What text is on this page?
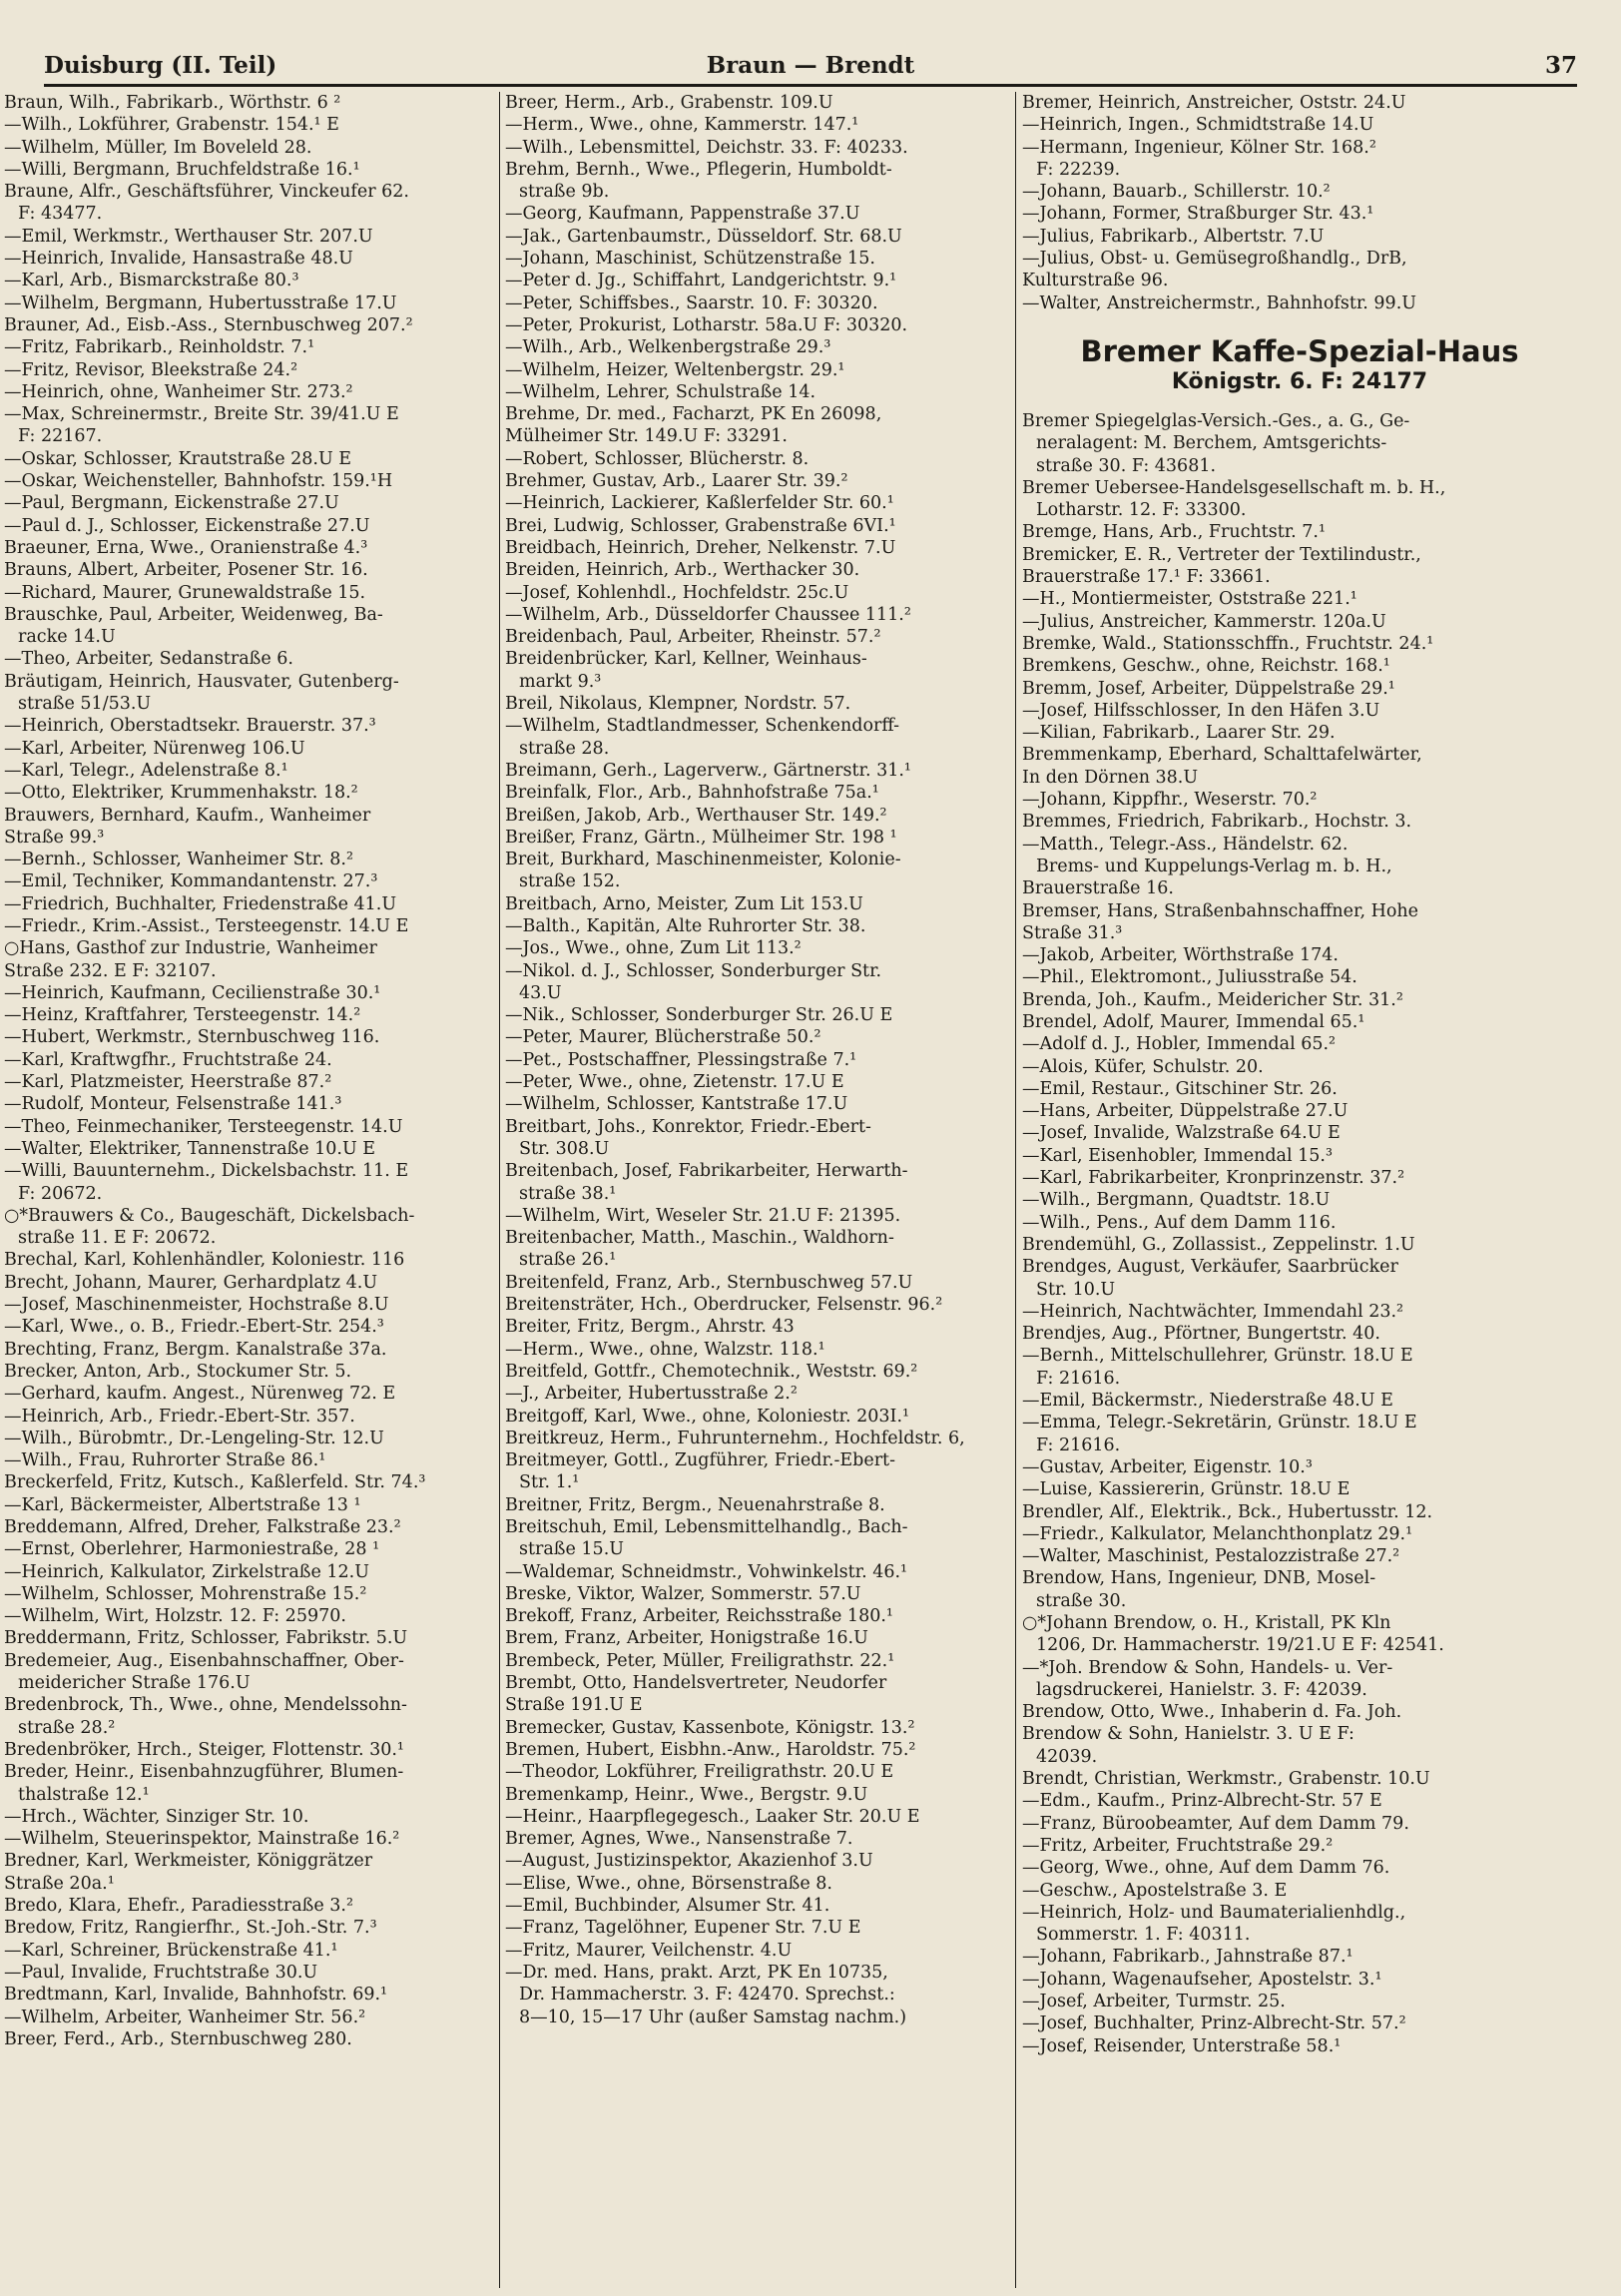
Duisburg (II. Teil)	Braun — Brendt	37

Braun, Wilh., Fabrikarb., Wörthstr. 6 ²

—Wilh., Lokführer, Grabenstr. 154.¹ E

—Wilhelm, Müller, Im Boveleld 28.

—Willi, Bergmann, Bruchfeldstraße 16.¹

Braune, Alfr., Geschäftsführer, Vinckeufer 62.

F: 43477.

—Emil, Werkmstr., Werthauser Str. 207.U

—Heinrich, Invalide, Hansastraße 48.U

—Karl, Arb., Bismarckstraße 80.³

—Wilhelm, Bergmann, Hubertusstraße 17.U

Brauner, Ad., Eisb.-Ass., Sternbuschweg 207.²

—Fritz, Fabrikarb., Reinholdstr. 7.¹

—Fritz, Revisor, Bleekstraße 24.²

—Heinrich, ohne, Wanheimer Str. 273.²

—Max, Schreinermstr., Breite Str. 39/41.U E

F: 22167.

—Oskar, Schlosser, Krautstraße 28.U E

—Oskar, Weichensteller, Bahnhofstr. 159.¹H

—Paul, Bergmann, Eickenstraße 27.U

—Paul d. J., Schlosser, Eickenstraße 27.U

Braeuner, Erna, Wwe., Oranienstraße 4.³

Brauns, Albert, Arbeiter, Posener Str. 16.

—Richard, Maurer, Grunewaldstraße 15.

Brauschke, Paul, Arbeiter, Weidenweg, Ba-

racke 14.U

—Theo, Arbeiter, Sedanstraße 6.

Bräutigam, Heinrich, Hausvater, Gutenberg-

straße 51/53.U

—Heinrich, Oberstadtsekr. Brauerstr. 37.³

—Karl, Arbeiter, Nürenweg 106.U

—Karl, Telegr., Adelenstraße 8.¹

—Otto, Elektriker, Krummenhakstr. 18.²

Brauwers, Bernhard, Kaufm., Wanheimer

Straße 99.³

—Bernh., Schlosser, Wanheimer Str. 8.²

—Emil, Techniker, Kommandantenstr. 27.³

—Friedrich, Buchhalter, Friedenstraße 41.U

—Friedr., Krim.-Assist., Tersteegenstr. 14.U E

○Hans, Gasthof zur Industrie, Wanheimer

Straße 232. E F: 32107.

—Heinrich, Kaufmann, Cecilienstraße 30.¹

—Heinz, Kraftfahrer, Tersteegenstr. 14.²

—Hubert, Werkmstr., Sternbuschweg 116.

—Karl, Kraftwgfhr., Fruchtstraße 24.

—Karl, Platzmeister, Heerstraße 87.²

—Rudolf, Monteur, Felsenstraße 141.³

—Theo, Feinmechaniker, Tersteegenstr. 14.U

—Walter, Elektriker, Tannenstraße 10.U E

—Willi, Bauunternehm., Dickelsbachstr. 11. E

F: 20672.

○*Brauwers & Co., Baugeschäft, Dickelsbach-

straße 11. E F: 20672.

Brechal, Karl, Kohlenhändler, Koloniestr. 116

Brecht, Johann, Maurer, Gerhardplatz 4.U

—Josef, Maschinenmeister, Hochstraße 8.U

—Karl, Wwe., o. B., Friedr.-Ebert-Str. 254.³

Brechting, Franz, Bergm. Kanalstraße 37a.

Brecker, Anton, Arb., Stockumer Str. 5.

—Gerhard, kaufm. Angest., Nürenweg 72. E

—Heinrich, Arb., Friedr.-Ebert-Str. 357.

—Wilh., Bürobmtr., Dr.-Lengeling-Str. 12.U

—Wilh., Frau, Ruhrorter Straße 86.¹

Breckerfeld, Fritz, Kutsch., Kaßlerfeld. Str. 74.³

—Karl, Bäckermeister, Albertstraße 13 ¹

Breddemann, Alfred, Dreher, Falkstraße 23.²

—Ernst, Oberlehrer, Harmoniestraße, 28 ¹

—Heinrich, Kalkulator, Zirkelstraße 12.U

—Wilhelm, Schlosser, Mohrenstraße 15.²

—Wilhelm, Wirt, Holzstr. 12. F: 25970.

Breddermann, Fritz, Schlosser, Fabrikstr. 5.U

Bredemeier, Aug., Eisenbahnschaffner, Ober-

meidericher Straße 176.U

Bredenbrock, Th., Wwe., ohne, Mendelssohn-

straße 28.²

Bredenbröker, Hrch., Steiger, Flottenstr. 30.¹

Breder, Heinr., Eisenbahnzugführer, Blumen-

thalstraße 12.¹

—Hrch., Wächter, Sinziger Str. 10.

—Wilhelm, Steuerinspektor, Mainstraße 16.²

Bredner, Karl, Werkmeister, Königgrätzer

Straße 20a.¹

Bredo, Klara, Ehefr., Paradiesstraße 3.²

Bredow, Fritz, Rangierfhr., St.-Joh.-Str. 7.³

—Karl, Schreiner, Brückenstraße 41.¹

—Paul, Invalide, Fruchtstraße 30.U

Bredtmann, Karl, Invalide, Bahnhofstr. 69.¹

—Wilhelm, Arbeiter, Wanheimer Str. 56.²

Breer, Ferd., Arb., Sternbuschweg 280.

Breer, Herm., Arb., Grabenstr. 109.U

—Herm., Wwe., ohne, Kammerstr. 147.¹

—Wilh., Lebensmittel, Deichstr. 33. F: 40233.

Brehm, Bernh., Wwe., Pflegerin, Humboldt-

straße 9b.

—Georg, Kaufmann, Pappenstraße 37.U

—Jak., Gartenbaumstr., Düsseldorf. Str. 68.U

—Johann, Maschinist, Schützenstraße 15.

—Peter d. Jg., Schiffahrt, Landgerichtstr. 9.¹

—Peter, Schiffsbes., Saarstr. 10. F: 30320.

—Peter, Prokurist, Lotharstr. 58a.U F: 30320.

—Wilh., Arb., Welkenbergstraße 29.³

—Wilhelm, Heizer, Weltenbergstr. 29.¹

—Wilhelm, Lehrer, Schulstraße 14.

Brehme, Dr. med., Facharzt, PK En 26098,

Mülheimer Str. 149.U F: 33291.

—Robert, Schlosser, Blücherstr. 8.

Brehmer, Gustav, Arb., Laarer Str. 39.²

—Heinrich, Lackierer, Kaßlerfelder Str. 60.¹

Brei, Ludwig, Schlosser, Grabenstraße 6VI.¹

Breidbach, Heinrich, Dreher, Nelkenstr. 7.U

Breiden, Heinrich, Arb., Werthacker 30.

—Josef, Kohlenhdl., Hochfeldstr. 25c.U

—Wilhelm, Arb., Düsseldorfer Chaussee 111.²

Breidenbach, Paul, Arbeiter, Rheinstr. 57.²

Breidenbrücker, Karl, Kellner, Weinhaus-

markt 9.³

Breil, Nikolaus, Klempner, Nordstr. 57.

—Wilhelm, Stadtlandmesser, Schenkendorff-

straße 28.

Breimann, Gerh., Lagerverw., Gärtnerstr. 31.¹

Breinfalk, Flor., Arb., Bahnhofstraße 75a.¹

Breißen, Jakob, Arb., Werthauser Str. 149.²

Breißer, Franz, Gärtn., Mülheimer Str. 198 ¹

Breit, Burkhard, Maschinenmeister, Kolonie-

straße 152.

Breitbach, Arno, Meister, Zum Lit 153.U

—Balth., Kapitän, Alte Ruhrorter Str. 38.

—Jos., Wwe., ohne, Zum Lit 113.²

—Nikol. d. J., Schlosser, Sonderburger Str.

43.U

—Nik., Schlosser, Sonderburger Str. 26.U E

—Peter, Maurer, Blücherstraße 50.²

—Pet., Postschaffner, Plessingstraße 7.¹

—Peter, Wwe., ohne, Zietenstr. 17.U E

—Wilhelm, Schlosser, Kantstraße 17.U

Breitbart, Johs., Konrektor, Friedr.-Ebert-

Str. 308.U

Breitenbach, Josef, Fabrikarbeiter, Herwarth-

straße 38.¹

—Wilhelm, Wirt, Weseler Str. 21.U F: 21395.

Breitenbacher, Matth., Maschin., Waldhorn-

straße 26.¹

Breitenfeld, Franz, Arb., Sternbuschweg 57.U

Breitensträter, Hch., Oberdrucker, Felsenstr. 96.²

Breiter, Fritz, Bergm., Ahrstr. 43

—Herm., Wwe., ohne, Walzstr. 118.¹

Breitfeld, Gottfr., Chemotechnik., Weststr. 69.²

—J., Arbeiter, Hubertusstraße 2.²

Breitgoff, Karl, Wwe., ohne, Koloniestr. 203I.¹

Breitkreuz, Herm., Fuhrunternehm., Hochfeldstr. 6,

Breitmeyer, Gottl., Zugführer, Friedr.-Ebert-

Str. 1.¹

Breitner, Fritz, Bergm., Neuenahrstraße 8.

Breitschuh, Emil, Lebensmittelhandlg., Bach-

straße 15.U

—Waldemar, Schneidmstr., Vohwinkelstr. 46.¹

Breske, Viktor, Walzer, Sommerstr. 57.U

Brekoff, Franz, Arbeiter, Reichsstraße 180.¹

Brem, Franz, Arbeiter, Honigstraße 16.U

Brembeck, Peter, Müller, Freiligrathstr. 22.¹

Brembt, Otto, Handelsvertreter, Neudorfer

Straße 191.U E

Bremecker, Gustav, Kassenbote, Königstr. 13.²

Bremen, Hubert, Eisbhn.-Anw., Haroldstr. 75.²

—Theodor, Lokführer, Freiligrathstr. 20.U E

Bremenkamp, Heinr., Wwe., Bergstr. 9.U

—Heinr., Haarpflegegesch., Laaker Str. 20.U E

Bremer, Agnes, Wwe., Nansenstraße 7.

—August, Justizinspektor, Akazienhof 3.U

—Elise, Wwe., ohne, Börsenstraße 8.

—Emil, Buchbinder, Alsumer Str. 41.

—Franz, Tagelöhner, Eupener Str. 7.U E

—Fritz, Maurer, Veilchenstr. 4.U

—Dr. med. Hans, prakt. Arzt, PK En 10735,

Dr. Hammacherstr. 3. F: 42470. Sprechst.:

8—10, 15—17 Uhr (außer Samstag nachm.)

Bremer, Heinrich, Anstreicher, Oststr. 24.U

—Heinrich, Ingen., Schmidtstraße 14.U

—Hermann, Ingenieur, Kölner Str. 168.²

F: 22239.

—Johann, Bauarb., Schillerstr. 10.²

—Johann, Former, Straßburger Str. 43.¹

—Julius, Fabrikarb., Albertstr. 7.U

—Julius, Obst- u. Gemüsegroßhandlg., DrB,

Kulturstraße 96.

—Walter, Anstreichermstr., Bahnhofstr. 99.U

Bremer Kaffe-Spezial-Haus
Königstr. 6. F: 24177

Bremer Spiegelglas-Versich.-Ges., a. G., Ge-

neralagent: M. Berchem, Amtsgerichts-

straße 30. F: 43681.

Bremer Uebersee-Handelsgesellschaft m. b. H.,

Lotharstr. 12. F: 33300.

Bremge, Hans, Arb., Fruchtstr. 7.¹

Bremicker, E. R., Vertreter der Textilindustr.,

Brauerstraße 17.¹ F: 33661.

—H., Montiermeister, Oststraße 221.¹

—Julius, Anstreicher, Kammerstr. 120a.U

Bremke, Wald., Stationsschffn., Fruchtstr. 24.¹

Bremkens, Geschw., ohne, Reichstr. 168.¹

Bremm, Josef, Arbeiter, Düppelstraße 29.¹

—Josef, Hilfsschlosser, In den Häfen 3.U

—Kilian, Fabrikarb., Laarer Str. 29.

Bremmenkamp, Eberhard, Schalttafelwärter,

In den Dörnen 38.U

—Johann, Kippfhr., Weserstr. 70.²

Bremmes, Friedrich, Fabrikarb., Hochstr. 3.

—Matth., Telegr.-Ass., Händelstr. 62.

Brems- und Kuppelungs-Verlag m. b. H.,

Brauerstraße 16.

Bremser, Hans, Straßenbahnschaffner, Hohe

Straße 31.³

—Jakob, Arbeiter, Wörthstraße 174.

—Phil., Elektromont., Juliusstraße 54.

Brenda, Joh., Kaufm., Meidericher Str. 31.²

Brendel, Adolf, Maurer, Immendal 65.¹

—Adolf d. J., Hobler, Immendal 65.²

—Alois, Küfer, Schulstr. 20.

—Emil, Restaur., Gitschiner Str. 26.

—Hans, Arbeiter, Düppelstraße 27.U

—Josef, Invalide, Walzstraße 64.U E

—Karl, Eisenhobler, Immendal 15.³

—Karl, Fabrikarbeiter, Kronprinzenstr. 37.²

—Wilh., Bergmann, Quadtstr. 18.U

—Wilh., Pens., Auf dem Damm 116.

Brendemühl, G., Zollassist., Zeppelinstr. 1.U

Brendges, August, Verkäufer, Saarbrücker

Str. 10.U

—Heinrich, Nachtwächter, Immendahl 23.²

Brendjes, Aug., Pförtner, Bungertstr. 40.

—Bernh., Mittelschullehrer, Grünstr. 18.U E

F: 21616.

—Emil, Bäckermstr., Niederstraße 48.U E

—Emma, Telegr.-Sekretärin, Grünstr. 18.U E

F: 21616.

—Gustav, Arbeiter, Eigenstr. 10.³

—Luise, Kassiererin, Grünstr. 18.U E

Brendler, Alf., Elektrik., Bck., Hubertusstr. 12.

—Friedr., Kalkulator, Melanchthonplatz 29.¹

—Walter, Maschinist, Pestalozzistraße 27.²

Brendow, Hans, Ingenieur, DNB, Mosel-

straße 30.

○*Johann Brendow, o. H., Kristall, PK Kln

1206, Dr. Hammacherstr. 19/21.U E F: 42541.

—*Joh. Brendow & Sohn, Handels- u. Ver-

lagsdruckerei, Hanielstr. 3. F: 42039.

Brendow, Otto, Wwe., Inhaberin d. Fa. Joh.

Brendow & Sohn, Hanielstr. 3. U E F:

42039.

Brendt, Christian, Werkmstr., Grabenstr. 10.U

—Edm., Kaufm., Prinz-Albrecht-Str. 57 E

—Franz, Büroobeamter, Auf dem Damm 79.

—Fritz, Arbeiter, Fruchtstraße 29.²

—Georg, Wwe., ohne, Auf dem Damm 76.

—Geschw., Apostelstraße 3. E

—Heinrich, Holz- und Baumaterialienhdlg.,

Sommerstr. 1. F: 40311.

—Johann, Fabrikarb., Jahnstraße 87.¹

—Johann, Wagenaufseher, Apostelstr. 3.¹

—Josef, Arbeiter, Turmstr. 25.

—Josef, Buchhalter, Prinz-Albrecht-Str. 57.²

—Josef, Reisender, Unterstraße 58.¹
